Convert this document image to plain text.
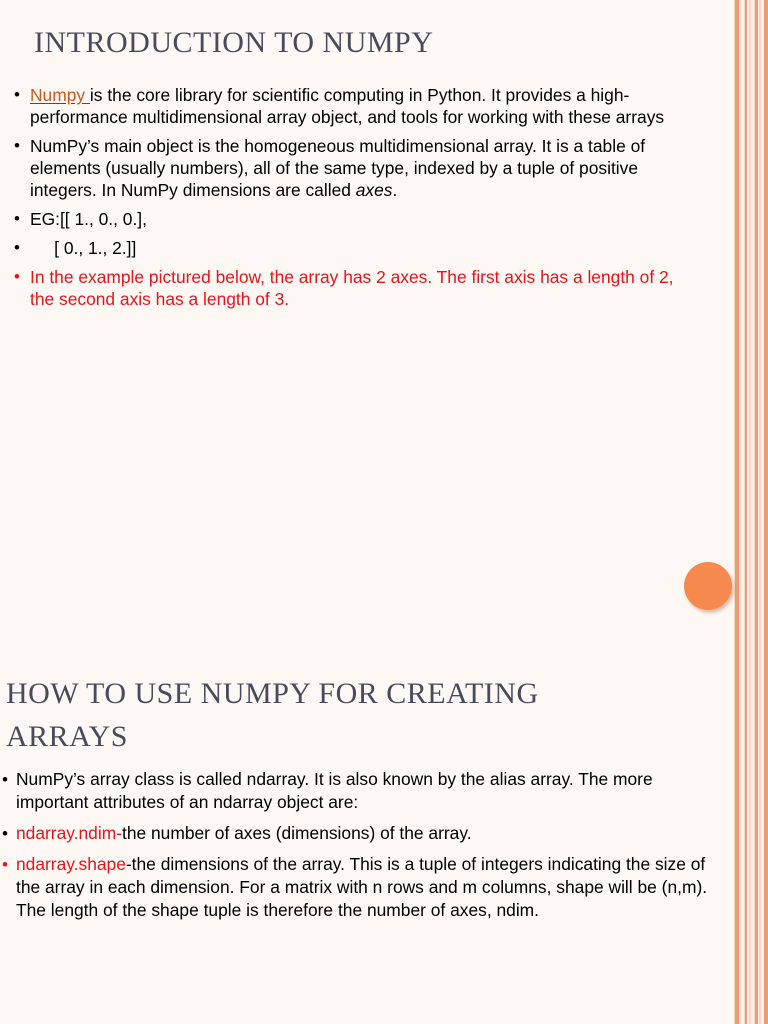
INTRODUCTION TO NUMPY
• Numpy is the core library for scientific computing in Python. It provides a high-performance multidimensional array object, and tools for working with these arrays
• NumPy’s main object is the homogeneous multidimensional array. It is a table of elements (usually numbers), all of the same type, indexed by a tuple of positive integers. In NumPy dimensions are called axes.
• EG:[[ 1., 0., 0.],
•      [ 0., 1., 2.]]
• In the example pictured below, the array has 2 axes. The first axis has a length of 2, the second axis has a length of 3.
HOW TO USE NUMPY FOR CREATING ARRAYS
• NumPy’s array class is called ndarray. It is also known by the alias array. The more important attributes of an ndarray object are:
• ndarray.ndim-the number of axes (dimensions) of the array.
• ndarray.shape-the dimensions of the array. This is a tuple of integers indicating the size of the array in each dimension. For a matrix with n rows and m columns, shape will be (n,m). The length of the shape tuple is therefore the number of axes, ndim.
